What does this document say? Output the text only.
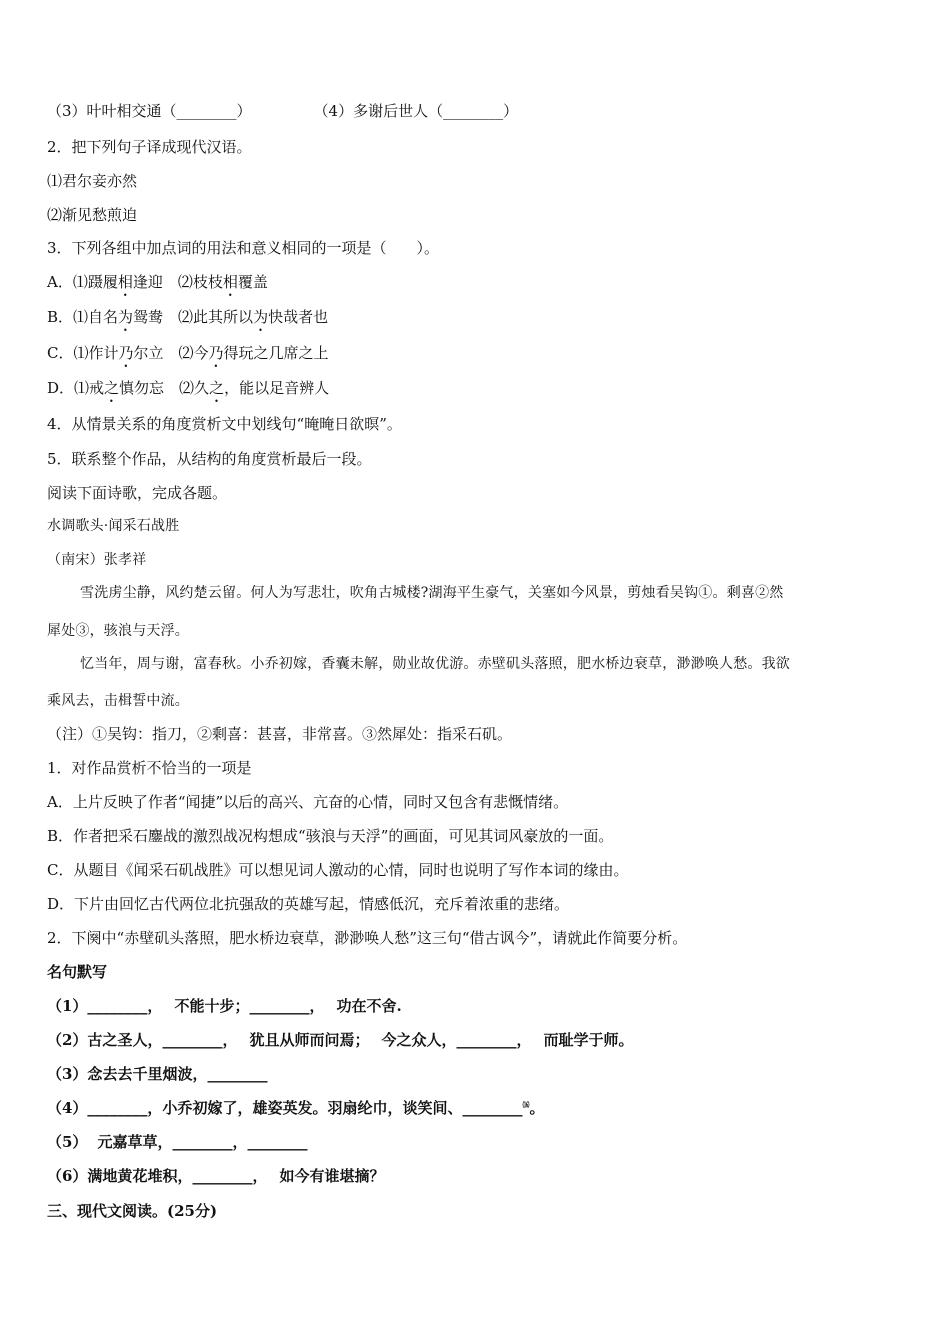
（3）叶叶相交通（________）	（4）多谢后世人（________）
2．把下列句子译成现代汉语。
⑴君尔妾亦然
⑵渐见愁煎迫
3．下列各组中加点词的用法和意义相同的一项是（　　）。
A．⑴蹑履相逢迎　⑵枝枝相覆盖
B．⑴自名为鸳鸯　⑵此其所以为快哉者也
C．⑴作计乃尔立　⑵今乃得玩之几席之上
D．⑴戒之慎勿忘　⑵久之，能以足音辨人
4．从情景关系的角度赏析文中划线句“晻晻日欲暝”。
5．联系整个作品，从结构的角度赏析最后一段。
阅读下面诗歌，完成各题。
水调歌头·闻采石战胜
（南宋）张孝祥
雪洗虏尘静，风约楚云留。何人为写悲壮，吹角古城楼?湖海平生豪气，关塞如今风景，剪烛看吴钩①。剩喜②然
犀处③，骇浪与天浮。
忆当年，周与谢，富春秋。小乔初嫁，香囊未解，勋业故优游。赤壁矶头落照，肥水桥边衰草，渺渺唤人愁。我欲
乘风去，击楫誓中流。
（注）①吴钩：指刀，②剩喜：甚喜，非常喜。③然犀处：指采石矶。
1．对作品赏析不恰当的一项是
A．上片反映了作者“闻捷”以后的高兴、亢奋的心情，同时又包含有悲慨情绪。
B．作者把采石鏖战的激烈战况构想成“骇浪与天浮”的画面，可见其词风豪放的一面。
C．从题目《闻采石矶战胜》可以想见词人激动的心情，同时也说明了写作本词的缘由。
D．下片由回忆古代两位北抗强敌的英雄写起，情感低沉，充斥着浓重的悲绪。
2．下阕中“赤壁矶头落照，肥水桥边衰草，渺渺唤人愁”这三句“借古讽今”，请就此作简要分析。
名句默写
（1）________， 不能十步；________， 功在不舍.
（2）古之圣人，________， 犹且从师而问焉； 今之众人，________， 而耻学于师。
（3）念去去千里烟波，________
（4）________，小乔初嫁了，雄姿英发。羽扇纶巾，谈笑间、________⒃。
（5） 元嘉草草，________，________
（6）满地黄花堆积，________， 如今有谁堪摘？
三、现代文阅读。(25分)
